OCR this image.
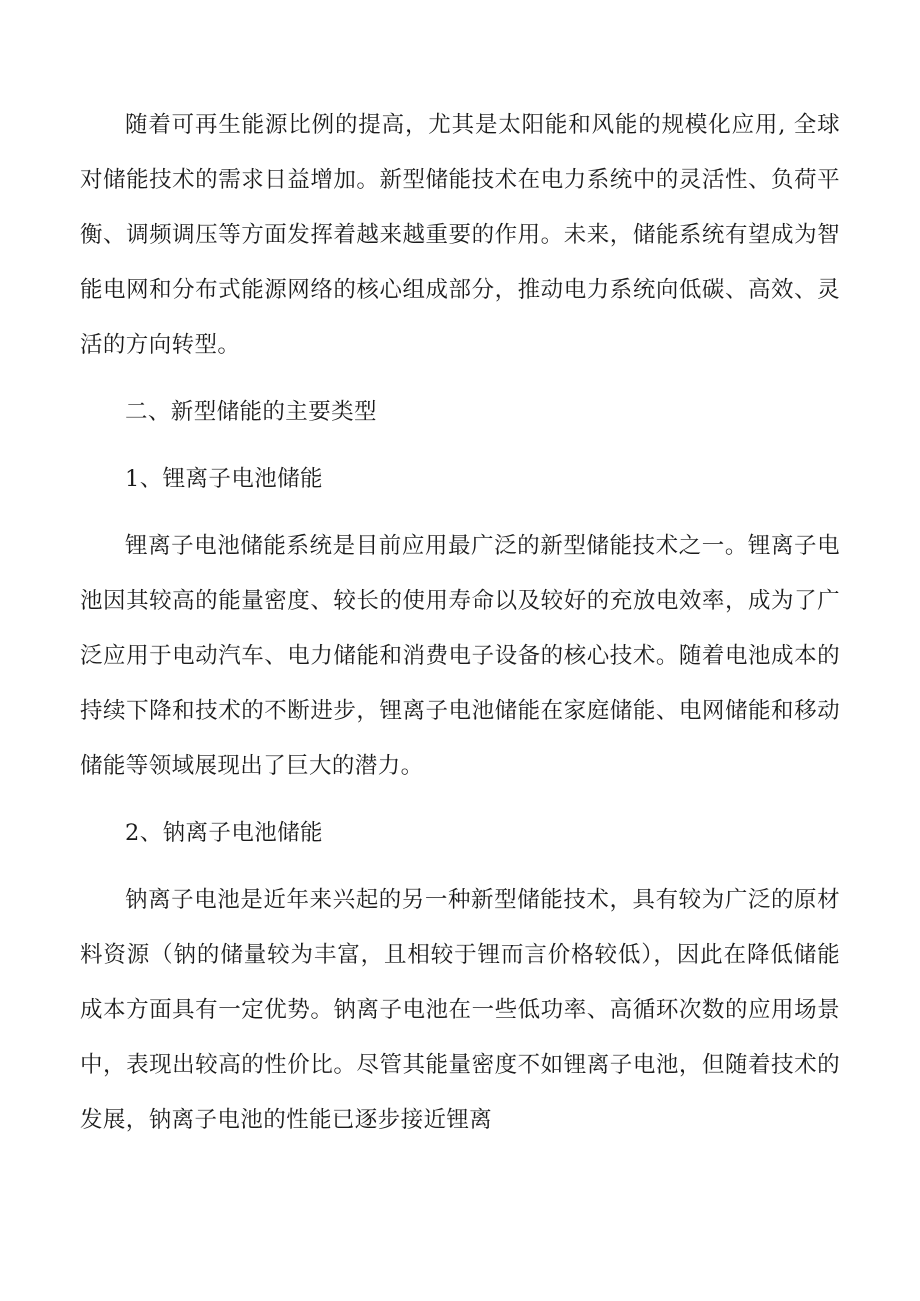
随着可再生能源比例的提高，尤其是太阳能和风能的规模化应用, 全球对储能技术的需求日益增加。新型储能技术在电力系统中的灵活性、负荷平衡、调频调压等方面发挥着越来越重要的作用。未来，储能系统有望成为智能电网和分布式能源网络的核心组成部分，推动电力系统向低碳、高效、灵活的方向转型。

二、新型储能的主要类型

1、锂离子电池储能

锂离子电池储能系统是目前应用最广泛的新型储能技术之一。锂离子电池因其较高的能量密度、较长的使用寿命以及较好的充放电效率，成为了广泛应用于电动汽车、电力储能和消费电子设备的核心技术。随着电池成本的持续下降和技术的不断进步，锂离子电池储能在家庭储能、电网储能和移动储能等领域展现出了巨大的潜力。

2、钠离子电池储能

钠离子电池是近年来兴起的另一种新型储能技术，具有较为广泛的原材料资源（钠的储量较为丰富，且相较于锂而言价格较低），因此在降低储能成本方面具有一定优势。钠离子电池在一些低功率、高循环次数的应用场景中，表现出较高的性价比。尽管其能量密度不如锂离子电池，但随着技术的发展，钠离子电池的性能已逐步接近锂离
